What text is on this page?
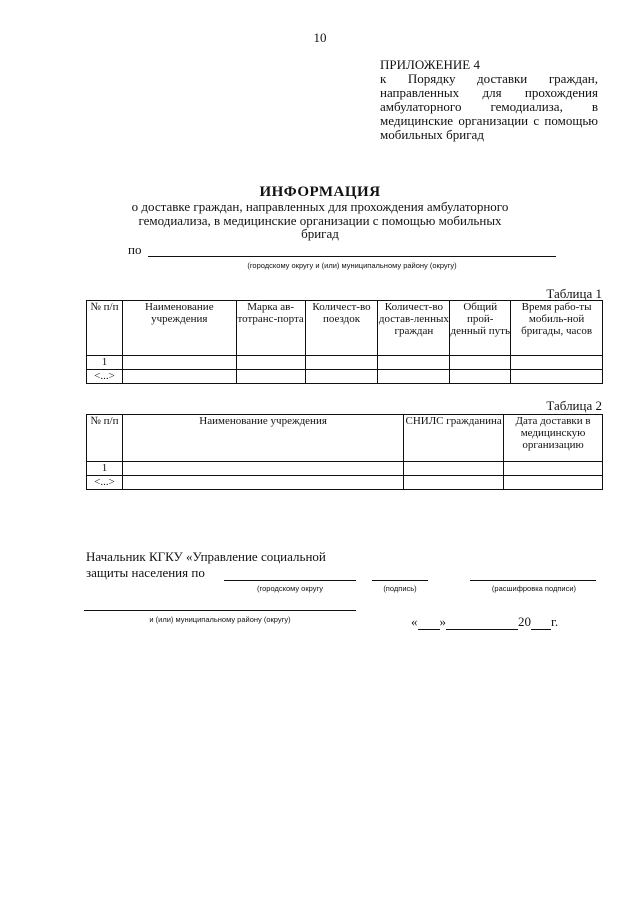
10
ПРИЛОЖЕНИЕ 4
к Порядку доставки граждан, направленных для прохождения амбулаторного гемодиализа, в медицинские организации с помощью мобильных бригад
ИНФОРМАЦИЯ
о доставке граждан, направленных для прохождения амбулаторного гемодиализа, в медицинские организации с помощью мобильных бригад
по
(городскому округу и (или) муниципальному району (округу)
Таблица 1
№ п/п	Наименование учреждения	Марка ав-тотранс-порта	Количест-во поездок	Количест-во достав-ленных граждан	Общий прой-денный путь	Время рабо-ты мобиль-ной бригады, часов
1						
<...>						
Таблица 2
№ п/п	Наименование учреждения	СНИЛС гражданина	Дата доставки в медицинскую организацию
1			
<...>			
Начальник КГКУ «Управление социальной защиты населения по
(городскому округу	(подпись)	(расшифровка подписи)
и (или) муниципальному району (округу)	« »	20 г.
